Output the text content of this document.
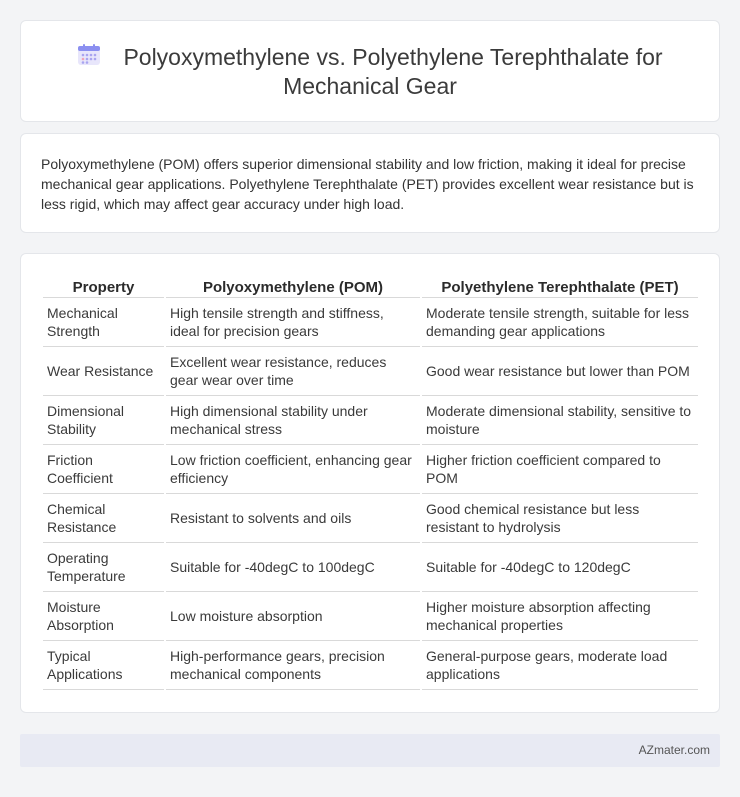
Polyoxymethylene vs. Polyethylene Terephthalate for
Mechanical Gear

Polyoxymethylene (POM) offers superior dimensional stability and low friction, making it ideal for precise mechanical gear applications. Polyethylene Terephthalate (PET) provides excellent wear resistance but is less rigid, which may affect gear accuracy under high load.

Property	Polyoxymethylene (POM)	Polyethylene Terephthalate (PET)
Mechanical Strength	High tensile strength and stiffness, ideal for precision gears	Moderate tensile strength, suitable for less demanding gear applications
Wear Resistance	Excellent wear resistance, reduces gear wear over time	Good wear resistance but lower than POM
Dimensional Stability	High dimensional stability under mechanical stress	Moderate dimensional stability, sensitive to moisture
Friction Coefficient	Low friction coefficient, enhancing gear efficiency	Higher friction coefficient compared to POM
Chemical Resistance	Resistant to solvents and oils	Good chemical resistance but less resistant to hydrolysis
Operating Temperature	Suitable for -40degC to 100degC	Suitable for -40degC to 120degC
Moisture Absorption	Low moisture absorption	Higher moisture absorption affecting mechanical properties
Typical Applications	High-performance gears, precision mechanical components	General-purpose gears, moderate load applications
AZmater.com
